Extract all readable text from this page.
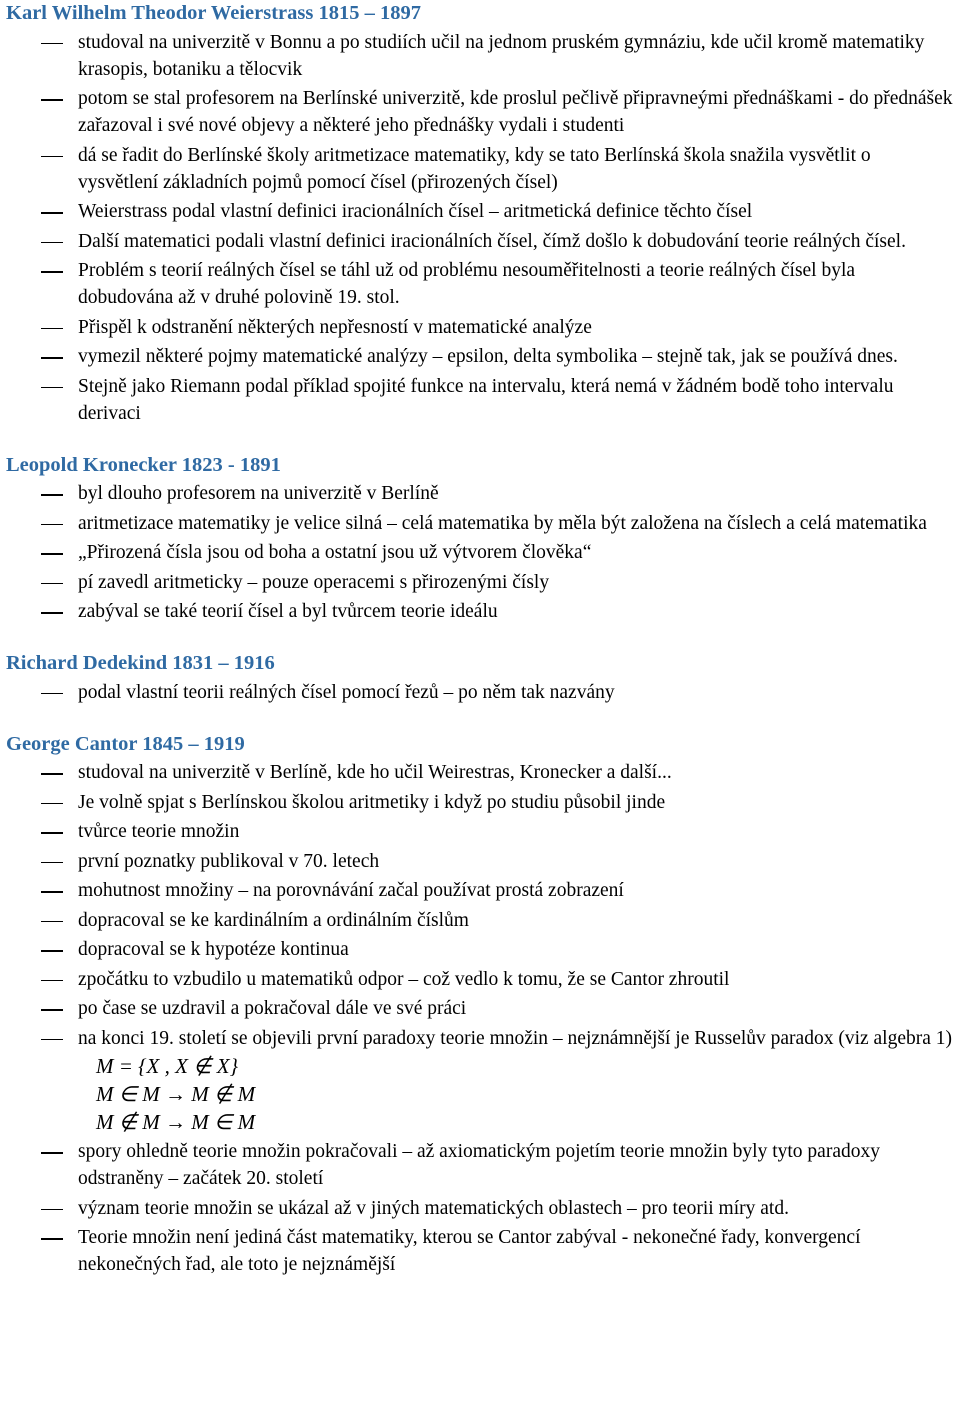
Karl Wilhelm Theodor Weierstrass 1815 – 1897
studoval na univerzitě v Bonnu a po studiích učil na jednom pruském gymnáziu, kde učil kromě matematiky krasopis, botaniku a tělocvik
potom se stal profesorem na Berlínské univerzitě, kde proslul pečlivě připravneými přednáškami - do přednášek zařazoval i své nové objevy a některé jeho přednášky vydali i studenti
dá se řadit do Berlínské školy aritmetizace matematiky, kdy se tato Berlínská škola snažila vysvětlit o vysvětlení základních pojmů pomocí čísel (přirozených čísel)
Weierstrass podal vlastní definici iracionálních čísel – aritmetická definice těchto čísel
Další matematici podali vlastní definici iracionálních čísel, čímž došlo k dobudování teorie reálných čísel.
Problém s teorií reálných čísel se táhl už od problému nesouměřitelnosti a teorie reálných čísel byla dobudována až v druhé polovině 19. stol.
Přispěl k odstranění některých nepřesností v matematické analýze
vymezil některé pojmy matematické analýzy – epsilon, delta symbolika – stejně tak, jak se používá dnes.
Stejně jako Riemann podal příklad spojité funkce na intervalu, která nemá v žádném bodě toho intervalu derivaci
Leopold Kronecker 1823 - 1891
byl dlouho profesorem na univerzitě v Berlíně
aritmetizace matematiky je velice silná – celá matematika by měla být založena na číslech a celá matematika
„Přirozená čísla jsou od boha a ostatní jsou už výtvorem člověka“
pí zavedl aritmeticky – pouze operacemi s přirozenými čísly
zabýval se také teorií čísel a byl tvůrcem teorie ideálu
Richard Dedekind 1831 – 1916
podal vlastní teorii reálných čísel pomocí řezů – po něm tak nazvány
George Cantor 1845 – 1919
studoval na univerzitě v Berlíně, kde ho učil Weirestras, Kronecker a další...
Je volně spjat s Berlínskou školou aritmetiky i když po studiu působil jinde
tvůrce teorie množin
první poznatky publikoval v 70. letech
mohutnost množiny – na porovnávání začal používat prostá zobrazení
dopracoval se ke kardinálním a ordinálním číslům
dopracoval se k hypotéze kontinua
zpočátku to vzbudilo u matematiků odpor – což vedlo k tomu, že se Cantor zhroutil
po čase se uzdravil a pokračoval dále ve své práci
na konci 19. století se objevili první paradoxy teorie množin – nejznámnější je Russelův paradox (viz algebra 1)
M = {X , X ∉ X}
M ∈ M → M ∉ M
M ∉ M → M ∈ M
spory ohledně teorie množin pokračovali – až axiomatickým pojetím teorie množin byly tyto paradoxy odstraněny – začátek 20. století
význam teorie množin se ukázal až v jiných matematických oblastech – pro teorii míry atd.
Teorie množin není jediná část matematiky, kterou se Cantor zabýval - nekonečné řady, konvergencí nekonečných řad, ale toto je nejznámější
